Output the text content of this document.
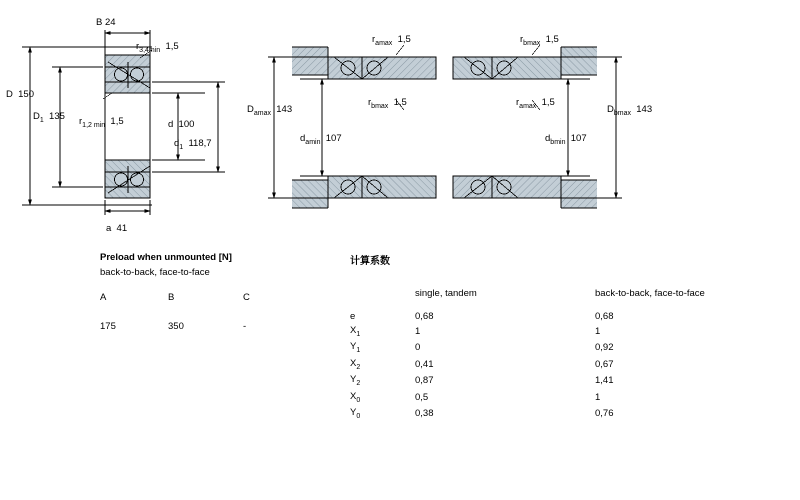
B 24
$r_{3,4min}$  1,5
D  150
$r_{1,2 min}$  1,5
$D_1$  135
d  100
$d_1$  118,7
a  41
$r_{amax}$  1,5	$r_{bmax}$  1,5
$D_{amax}$  143
$r_{bmax}$  1,5	$r_{amax}$  1,5
$D_{bmax}$  143
$d_{amin}$  107	$d_{bmin}$  107
Preload when unmounted [N]
back-to-back, face-to-face
A	B	C

175	350	-
计算系数
	single, tandem	back-to-back, face-to-face

e	0,68	0,68
$X_1$	1	1
$Y_1$	0	0,92
$X_2$	0,41	0,67
$Y_2$	0,87	1,41
$X_0$	0,5	1
$Y_0$	0,38	0,76
